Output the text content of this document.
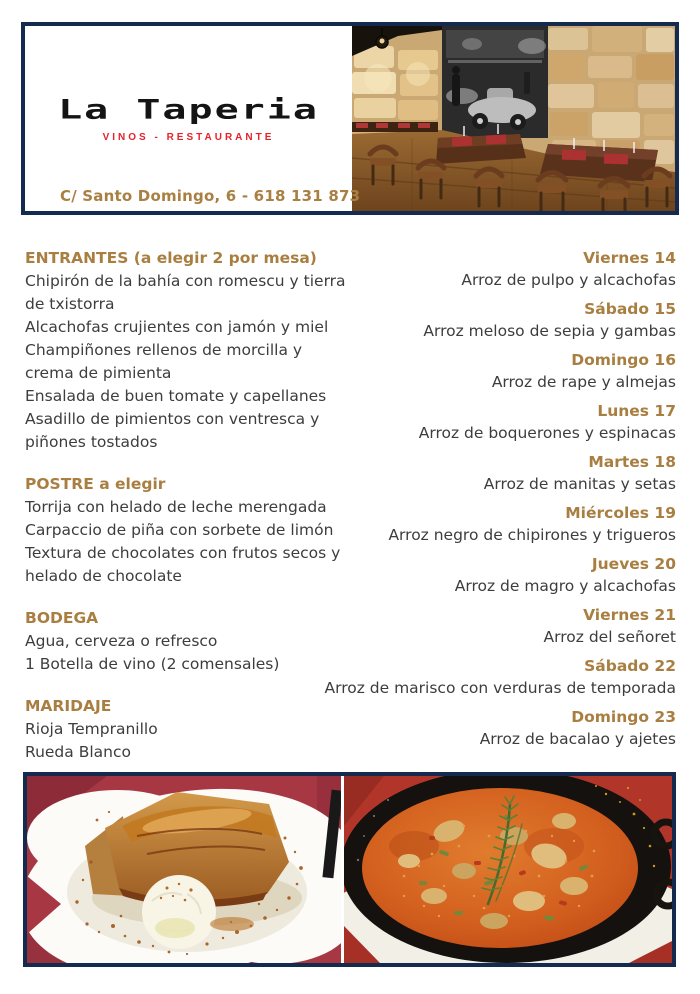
La Taperia
VINOS - RESTAURANTE
C/ Santo Domingo, 6 - 618 131 873
ENTRANTES (a elegir 2 por mesa)
Chipirón de la bahía con romescu y tierra
de txistorra
Alcachofas crujientes con jamón y miel
Champiñones rellenos de morcilla y
crema de pimienta
Ensalada de buen tomate y capellanes
Asadillo de pimientos con ventresca y
piñones tostados
POSTRE a elegir
Torrija con helado de leche merengada
Carpaccio de piña con sorbete de limón
Textura de chocolates con frutos secos y
helado de chocolate
BODEGA
Agua, cerveza o refresco
1 Botella de vino (2 comensales)
MARIDAJE
Rioja Tempranillo
Rueda Blanco
Viernes 14
Arroz de pulpo y alcachofas
Sábado 15
Arroz meloso de sepia y gambas
Domingo 16
Arroz de rape y almejas
Lunes 17
Arroz de boquerones y espinacas
Martes 18
Arroz de manitas y setas
Miércoles 19
Arroz negro de chipirones y trigueros
Jueves 20
Arroz de magro y alcachofas
Viernes 21
Arroz del señoret
Sábado 22
Arroz de marisco con verduras de temporada
Domingo 23
Arroz de bacalao y ajetes
